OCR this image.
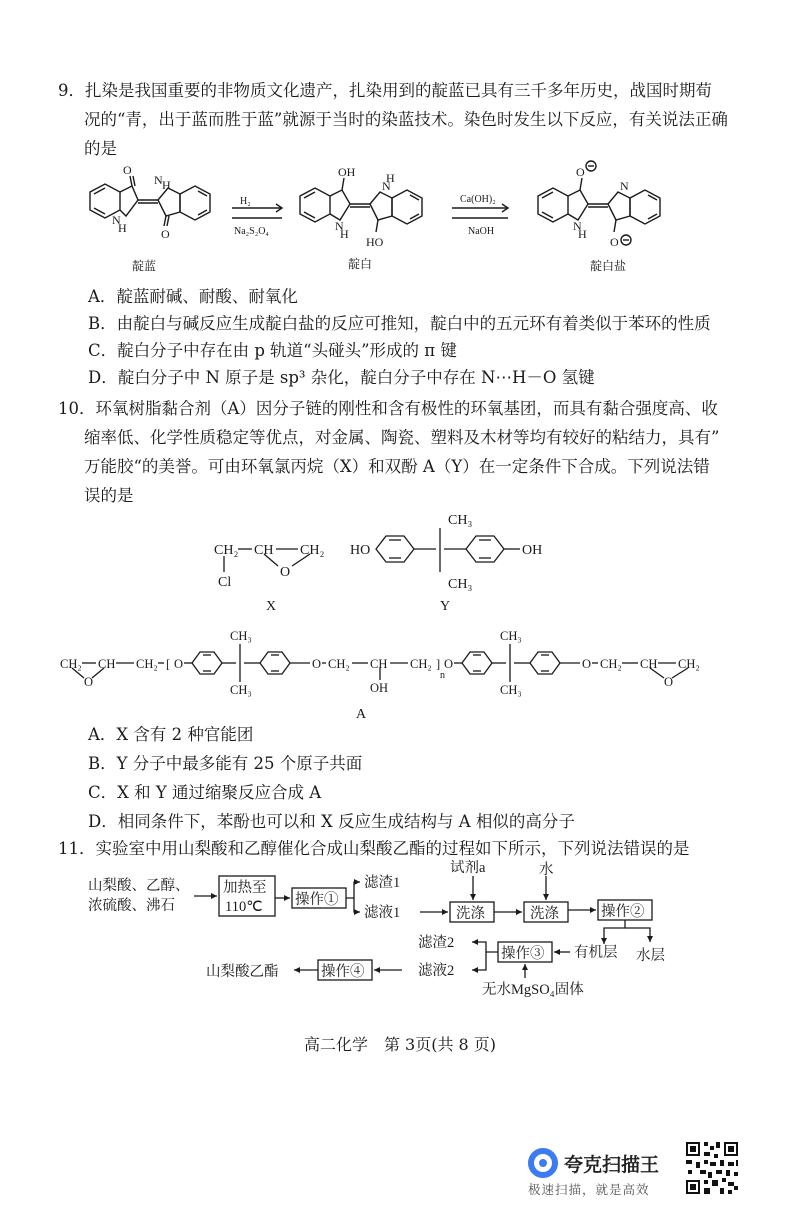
9．扎染是我国重要的非物质文化遗产，扎染用到的靛蓝已具有三千多年历史，战国时期荀
况的“青，出于蓝而胜于蓝”就源于当时的染蓝技术。染色时发生以下反应，有关说法正确
的是
O
H
N
H
N
O
OH
N
H
N
H
HO
O
N
N
H
O
H₂
Na₂S₂O₄
Ca(OH)₂
NaOH
靛蓝	靛白	靛白盐
A．靛蓝耐碱、耐酸、耐氧化
B．由靛白与碱反应生成靛白盐的反应可推知，靛白中的五元环有着类似于苯环的性质
C．靛白分子中存在由 p 轨道“头碰头”形成的 π 键
D．靛白分子中 N 原子是 sp³ 杂化，靛白分子中存在 N⋯H－O 氢键
10．环氧树脂黏合剂（A）因分子链的刚性和含有极性的环氧基团，而具有黏合强度高、收
缩率低、化学性质稳定等优点，对金属、陶瓷、塑料及木材等均有较好的粘结力，具有”
万能胶“的美誉。可由环氧氯丙烷（X）和双酚 A（Y）在一定条件下合成。下列说法错
误的是
CH₂ CH CH₂
O
Cl
HO	OH
CH₃
CH₃
X	Y
CH₂ CH CH₂
O
[ O
CH₃
CH₃
O CH₂ CH CH₂
OH
]
n
O
CH₃
CH₃
O CH₂ CH CH₂
O
A
A．X 含有 2 种官能团
B．Y 分子中最多能有 25 个原子共面
C．X 和 Y 通过缩聚反应合成 A
D．相同条件下，苯酚也可以和 X 反应生成结构与 A 相似的高分子
11．实验室中用山梨酸和乙醇催化合成山梨酸乙酯的过程如下所示，下列说法错误的是
山梨酸、乙醇、
浓硫酸、沸石
加热至
110℃ 操作①
滤渣1
滤液1
试剂a	水
洗涤	洗涤	操作②
有机层 水层
操作③
无水MgSO₄固体
滤渣2
滤液2
操作④
山梨酸乙酯
高二化学　第 3页(共 8 页)
夸克扫描王
极速扫描，就是高效
